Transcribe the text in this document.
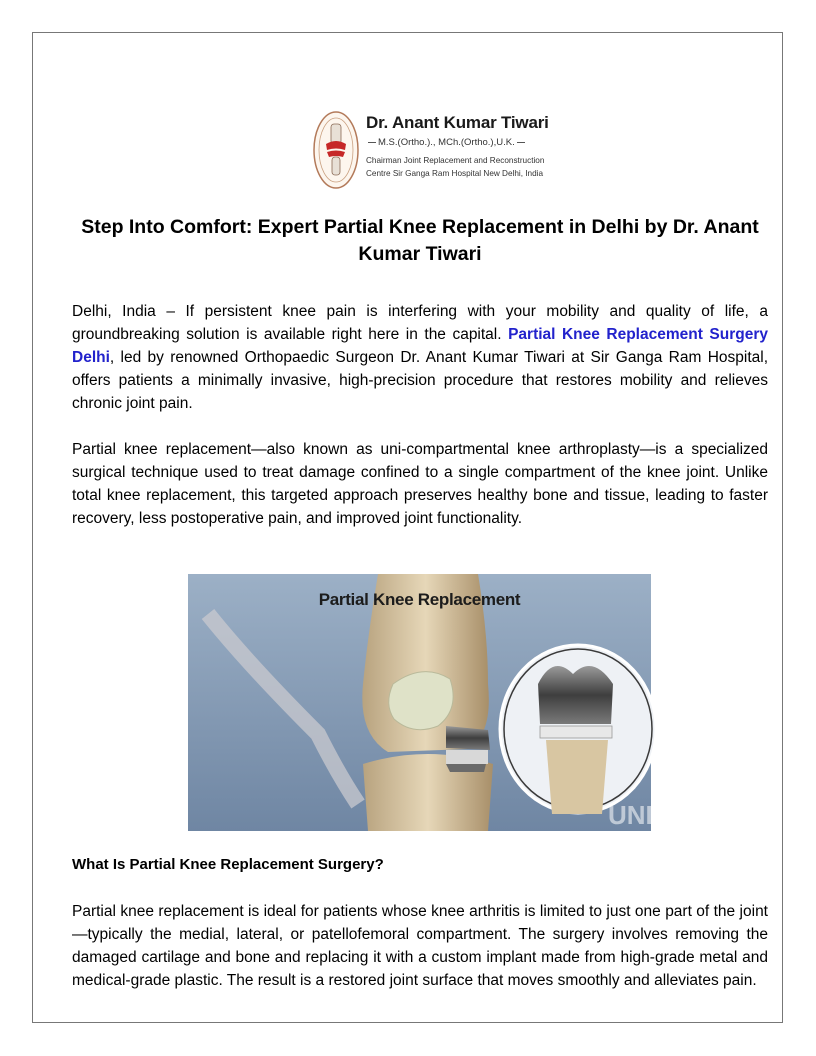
Dr. Anant Kumar Tiwari
M.S.(Ortho.)., MCh.(Ortho.),U.K.
Chairman Joint Replacement and Reconstruction
Centre Sir Ganga Ram Hospital New Delhi, India
Step Into Comfort: Expert Partial Knee Replacement in Delhi by Dr. Anant Kumar Tiwari

Delhi, India – If persistent knee pain is interfering with your mobility and quality of life, a groundbreaking solution is available right here in the capital. Partial Knee Replacement Surgery Delhi, led by renowned Orthopaedic Surgeon Dr. Anant Kumar Tiwari at Sir Ganga Ram Hospital, offers patients a minimally invasive, high-precision procedure that restores mobility and relieves chronic joint pain.

Partial knee replacement—also known as uni-compartmental knee arthroplasty—is a specialized surgical technique used to treat damage confined to a single compartment of the knee joint. Unlike total knee replacement, this targeted approach preserves healthy bone and tissue, leading to faster recovery, less postoperative pain, and improved joint functionality.

UND
Partial Knee Replacement
What Is Partial Knee Replacement Surgery?

Partial knee replacement is ideal for patients whose knee arthritis is limited to just one part of the joint—typically the medial, lateral, or patellofemoral compartment. The surgery involves removing the damaged cartilage and bone and replacing it with a custom implant made from high-grade metal and medical-grade plastic. The result is a restored joint surface that moves smoothly and alleviates pain.
